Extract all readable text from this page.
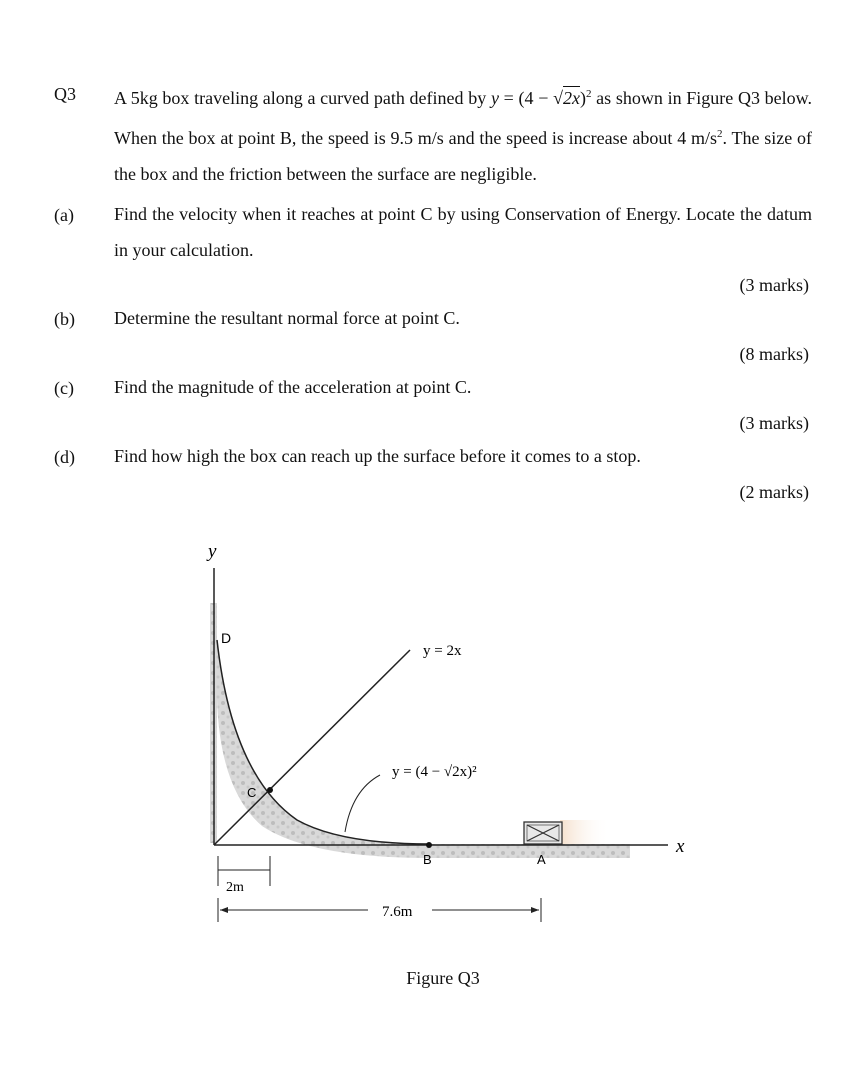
Q3 A 5kg box traveling along a curved path defined by $y = (4 - √2x)^2$ as shown in Figure Q3 below. When the box at point B, the speed is 9.5 m/s and the speed is increase about 4 $m/s^2$. The size of the box and the friction between the surface are negligible.
(a) Find the velocity when it reaches at point C by using Conservation of Energy. Locate the datum in your calculation.
(3 marks)
(b) Determine the resultant normal force at point C.
(8 marks)
(c) Find the magnitude of the acceleration at point C.
(3 marks)
(d) Find how high the box can reach up the surface before it comes to a stop.
(2 marks)
y
x
y = 2x
y = (4 − √2x)²
D
C
B	A
2m
7.6m
Figure Q3
